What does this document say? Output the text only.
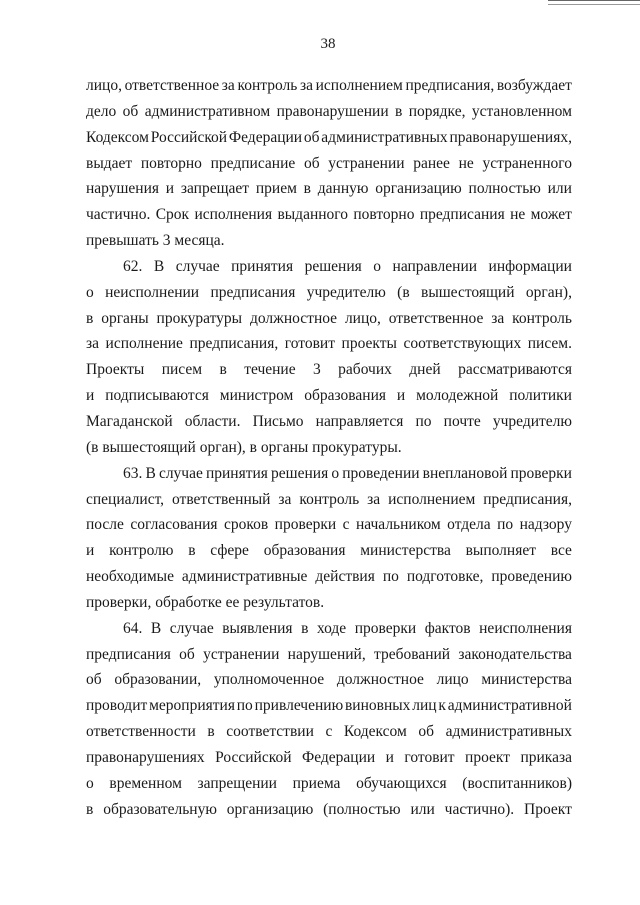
38
лицо, ответственное за контроль за исполнением предписания, возбуждает
дело об административном правонарушении в порядке, установленном
Кодексом Российской Федерации об административных правонарушениях,
выдает повторно предписание об устранении ранее не устраненного
нарушения и запрещает прием в данную организацию полностью или
частично. Срок исполнения выданного повторно предписания не может
превышать 3 месяца.
62. В случае принятия решения о направлении информации
о неисполнении предписания учредителю (в вышестоящий орган),
в органы прокуратуры должностное лицо, ответственное за контроль
за исполнение предписания, готовит проекты соответствующих писем.
Проекты писем в течение 3 рабочих дней рассматриваются
и подписываются министром образования и молодежной политики
Магаданской области. Письмо направляется по почте учредителю
(в вышестоящий орган), в органы прокуратуры.
63. В случае принятия решения о проведении внеплановой проверки
специалист, ответственный за контроль за исполнением предписания,
после согласования сроков проверки с начальником отдела по надзору
и контролю в сфере образования министерства выполняет все
необходимые административные действия по подготовке, проведению
проверки, обработке ее результатов.
64. В случае выявления в ходе проверки фактов неисполнения
предписания об устранении нарушений, требований законодательства
об образовании, уполномоченное должностное лицо министерства
проводит мероприятия по привлечению виновных лиц к административной
ответственности в соответствии с Кодексом об административных
правонарушениях Российской Федерации и готовит проект приказа
о временном запрещении приема обучающихся (воспитанников)
в образовательную организацию (полностью или частично). Проект
